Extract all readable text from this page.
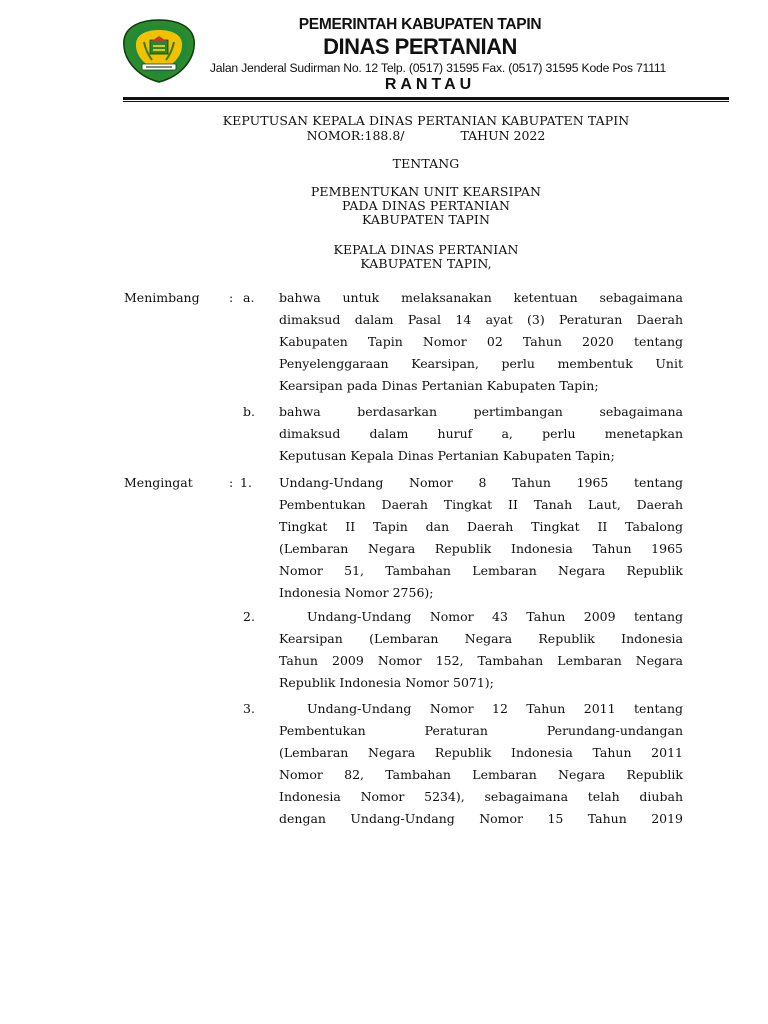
PEMERINTAH KABUPATEN TAPIN
DINAS PERTANIAN
Jalan Jenderal Sudirman No. 12 Telp. (0517) 31595 Fax. (0517) 31595 Kode Pos 71111
RANTAU
KEPUTUSAN KEPALA DINAS PERTANIAN KABUPATEN TAPIN
NOMOR:188.8/	TAHUN 2022
TENTANG
PEMBENTUKAN UNIT KEARSIPAN
PADA DINAS PERTANIAN
KABUPATEN TAPIN
KEPALA DINAS PERTANIAN
KABUPATEN TAPIN,
Menimbang : a. bahwa untuk melaksanakan ketentuan sebagaimana
dimaksud dalam Pasal 14 ayat (3) Peraturan Daerah
Kabupaten Tapin Nomor 02 Tahun 2020 tentang
Penyelenggaraan Kearsipan, perlu membentuk Unit
Kearsipan pada Dinas Pertanian Kabupaten Tapin;
b. bahwa berdasarkan pertimbangan sebagaimana
dimaksud dalam huruf a, perlu menetapkan
Keputusan Kepala Dinas Pertanian Kabupaten Tapin;
Mengingat	: 1. Undang-Undang Nomor 8 Tahun 1965 tentang
Pembentukan Daerah Tingkat II Tanah Laut, Daerah
Tingkat II Tapin dan Daerah Tingkat II Tabalong
(Lembaran Negara Republik Indonesia Tahun 1965
Nomor 51, Tambahan Lembaran Negara Republik
Indonesia Nomor 2756);
2.	Undang-Undang Nomor 43 Tahun 2009 tentang
Kearsipan (Lembaran Negara Republik Indonesia
Tahun 2009 Nomor 152, Tambahan Lembaran Negara
Republik Indonesia Nomor 5071);
3.	Undang-Undang Nomor 12 Tahun 2011 tentang
Pembentukan Peraturan Perundang-undangan
(Lembaran Negara Republik Indonesia Tahun 2011
Nomor 82, Tambahan Lembaran Negara Republik
Indonesia Nomor 5234), sebagaimana telah diubah
dengan Undang-Undang Nomor 15 Tahun 2019
